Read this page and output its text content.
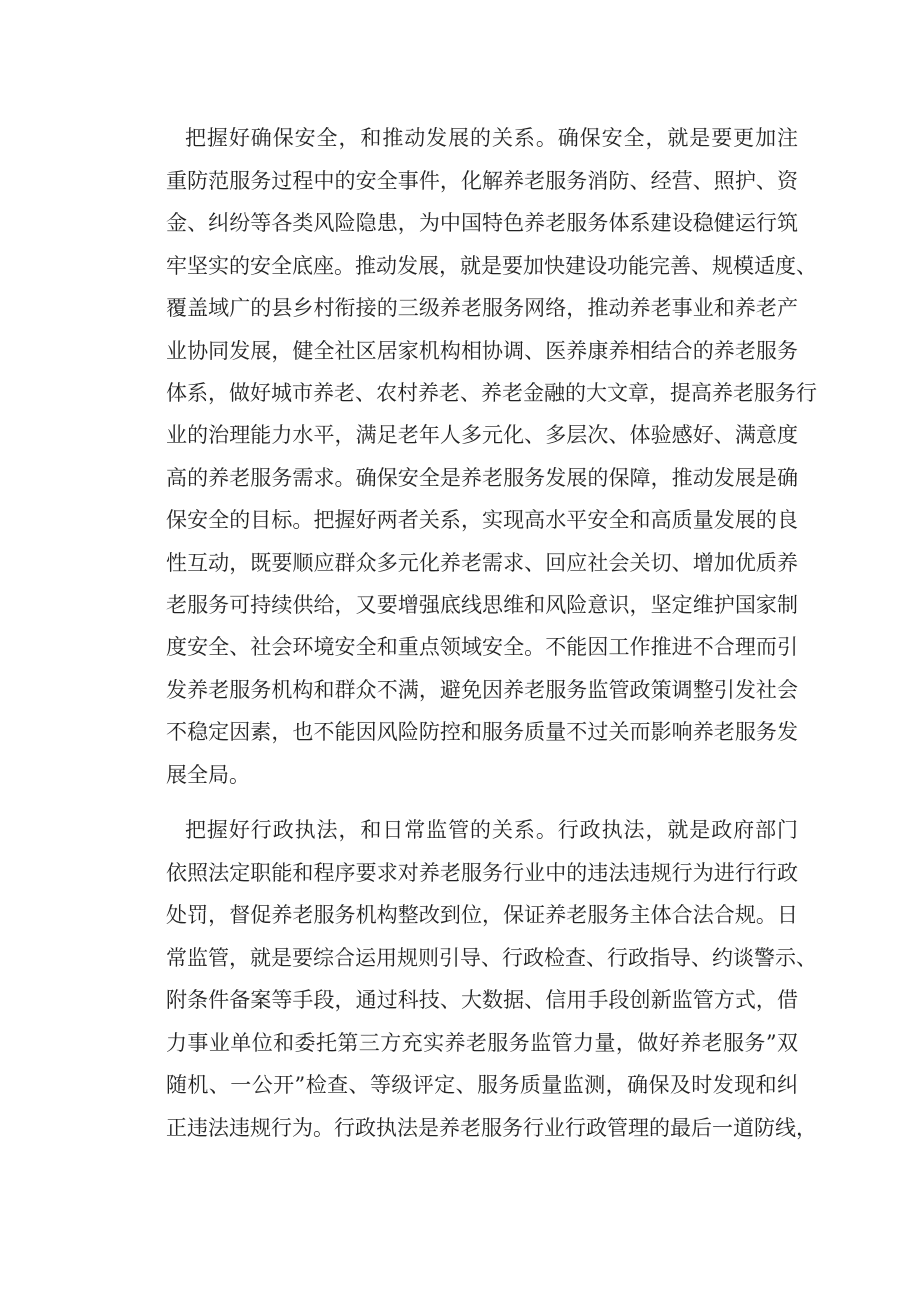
把握好确保安全，和推动发展的关系。确保安全，就是要更加注

重防范服务过程中的安全事件，化解养老服务消防、经营、照护、资

金、纠纷等各类风险隐患，为中国特色养老服务体系建设稳健运行筑

牢坚实的安全底座。推动发展，就是要加快建设功能完善、规模适度、

覆盖域广的县乡村衔接的三级养老服务网络，推动养老事业和养老产

业协同发展，健全社区居家机构相协调、医养康养相结合的养老服务

体系，做好城市养老、农村养老、养老金融的大文章，提高养老服务行

业的治理能力水平，满足老年人多元化、多层次、体验感好、满意度

高的养老服务需求。确保安全是养老服务发展的保障，推动发展是确

保安全的目标。把握好两者关系，实现高水平安全和高质量发展的良

性互动，既要顺应群众多元化养老需求、回应社会关切、增加优质养

老服务可持续供给，又要增强底线思维和风险意识，坚定维护国家制

度安全、社会环境安全和重点领域安全。不能因工作推进不合理而引

发养老服务机构和群众不满，避免因养老服务监管政策调整引发社会

不稳定因素，也不能因风险防控和服务质量不过关而影响养老服务发

展全局。

把握好行政执法，和日常监管的关系。行政执法，就是政府部门

依照法定职能和程序要求对养老服务行业中的违法违规行为进行行政

处罚，督促养老服务机构整改到位，保证养老服务主体合法合规。日

常监管，就是要综合运用规则引导、行政检查、行政指导、约谈警示、

附条件备案等手段，通过科技、大数据、信用手段创新监管方式，借

力事业单位和委托第三方充实养老服务监管力量，做好养老服务”双

随机、一公开”检查、等级评定、服务质量监测，确保及时发现和纠

正违法违规行为。行政执法是养老服务行业行政管理的最后一道防线，
